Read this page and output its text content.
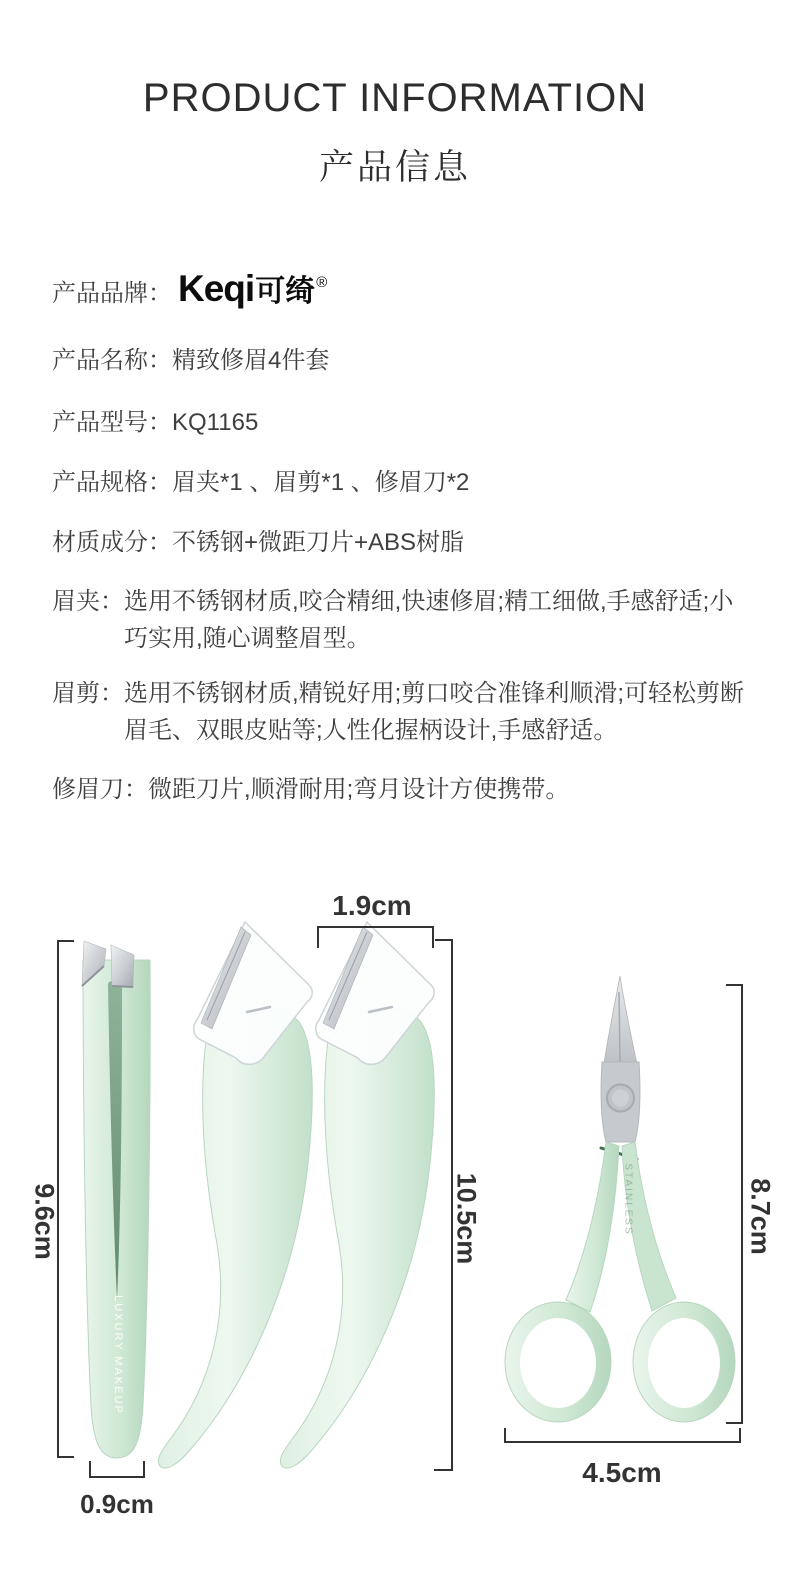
PRODUCT INFORMATION
产品信息
产品品牌： Keqi 可绮 ®
产品名称： 精致修眉4件套
产品型号： KQ1165
产品规格： 眉夹*1 、眉剪*1 、修眉刀*2
材质成分： 不锈钢+微距刀片+ABS树脂
眉夹： 选用不锈钢材质,咬合精细,快速修眉;精工细做,手感舒适;小巧实用,随心调整眉型。
眉剪： 选用不锈钢材质,精锐好用;剪口咬合准锋利顺滑;可轻松剪断眉毛、双眼皮贴等;人性化握柄设计,手感舒适。
修眉刀： 微距刀片,顺滑耐用;弯月设计方使携带。
1.9cm
9.6cm
0.9cm
10.5cm	8.7cm
4.5cm
LUXURY MAKEUP
STAINLESS
